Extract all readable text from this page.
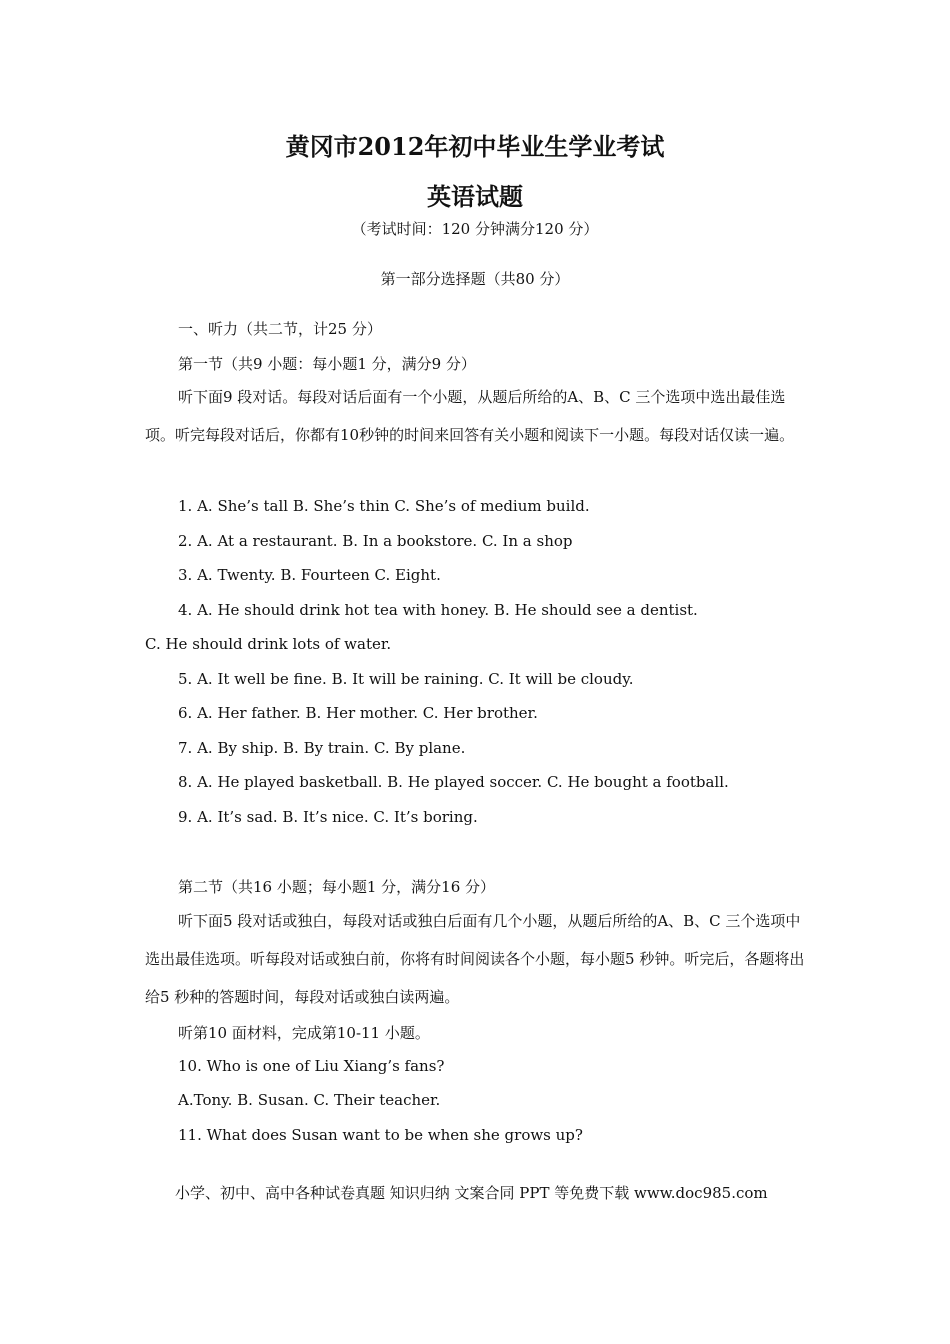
黄冈市2012年初中毕业生学业考试
英语试题
（考试时间：120 分钟满分120 分）
第一部分选择题（共80 分）
一、听力（共二节，计25 分）
第一节（共9 小题：每小题1 分，满分9 分）
听下面9 段对话。每段对话后面有一个小题，从题后所给的A、B、C 三个选项中选出最佳选项。听完每段对话后，你都有10秒钟的时间来回答有关小题和阅读下一小题。每段对话仅读一遍。
1. A. She’s tall B. She’s thin C. She’s of medium build.
2. A. At a restaurant. B. In a bookstore. C. In a shop
3. A. Twenty. B. Fourteen C. Eight.
4. A. He should drink hot tea with honey. B. He should see a dentist.
C. He should drink lots of water.
5. A. It well be fine. B. It will be raining. C. It will be cloudy.
6. A. Her father. B. Her mother. C. Her brother.
7. A. By ship. B. By train. C. By plane.
8. A. He played basketball. B. He played soccer. C. He bought a football.
9. A. It’s sad. B. It’s nice. C. It’s boring.
第二节（共16 小题；每小题1 分，满分16 分）
听下面5 段对话或独白，每段对话或独白后面有几个小题，从题后所给的A、B、C 三个选项中选出最佳选项。听每段对话或独白前，你将有时间阅读各个小题，每小题5 秒钟。听完后，各题将出给5 秒种的答题时间，每段对话或独白读两遍。
听第10 面材料，完成第10-11 小题。
10. Who is one of Liu Xiang’s fans?
A.Tony. B. Susan. C. Their teacher.
11. What does Susan want to be when she grows up?
小学、初中、高中各种试卷真题 知识归纳 文案合同 PPT 等免费下载 www.doc985.com
